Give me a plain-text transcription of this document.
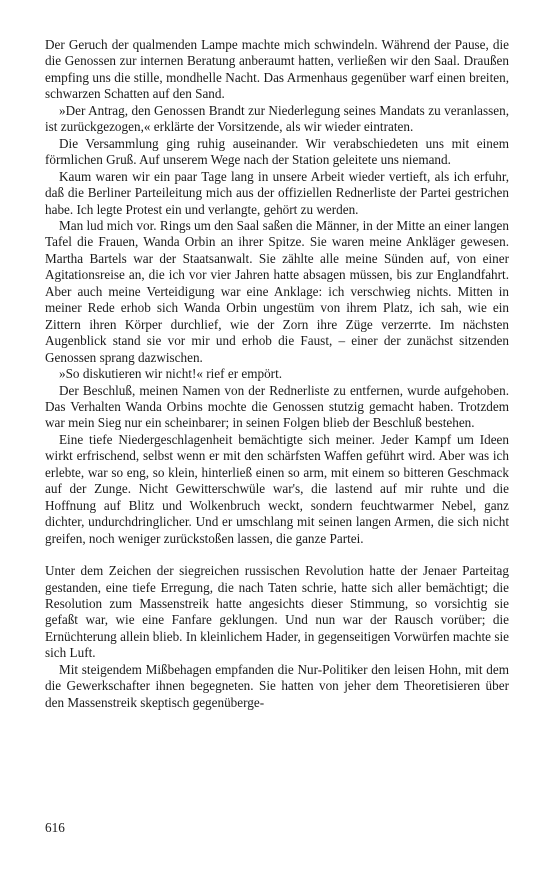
Der Geruch der qualmenden Lampe machte mich schwindeln. Während der Pause, die die Genossen zur internen Beratung anberaumt hatten, verließen wir den Saal. Draußen empfing uns die stille, mondhelle Nacht. Das Armenhaus gegenüber warf einen breiten, schwarzen Schatten auf den Sand.

»Der Antrag, den Genossen Brandt zur Niederlegung seines Mandats zu veranlassen, ist zurückgezogen,« erklärte der Vorsitzende, als wir wieder eintraten.

Die Versammlung ging ruhig auseinander. Wir verabschiedeten uns mit einem förmlichen Gruß. Auf unserem Wege nach der Station geleitete uns niemand.

Kaum waren wir ein paar Tage lang in unsere Arbeit wieder vertieft, als ich erfuhr, daß die Berliner Parteileitung mich aus der offiziellen Rednerliste der Partei gestrichen habe. Ich legte Protest ein und verlangte, gehört zu werden.

Man lud mich vor. Rings um den Saal saßen die Männer, in der Mitte an einer langen Tafel die Frauen, Wanda Orbin an ihrer Spitze. Sie waren meine Ankläger gewesen. Martha Bartels war der Staatsanwalt. Sie zählte alle meine Sünden auf, von einer Agitationsreise an, die ich vor vier Jahren hatte absagen müssen, bis zur Englandfahrt. Aber auch meine Verteidigung war eine Anklage: ich verschwieg nichts. Mitten in meiner Rede erhob sich Wanda Orbin ungestüm von ihrem Platz, ich sah, wie ein Zittern ihren Körper durchlief, wie der Zorn ihre Züge verzerrte. Im nächsten Augenblick stand sie vor mir und erhob die Faust, – einer der zunächst sitzenden Genossen sprang dazwischen.

»So diskutieren wir nicht!« rief er empört.

Der Beschluß, meinen Namen von der Rednerliste zu entfernen, wurde aufgehoben. Das Verhalten Wanda Orbins mochte die Genossen stutzig gemacht haben. Trotzdem war mein Sieg nur ein scheinbarer; in seinen Folgen blieb der Beschluß bestehen.

Eine tiefe Niedergeschlagenheit bemächtigte sich meiner. Jeder Kampf um Ideen wirkt erfrischend, selbst wenn er mit den schärfsten Waffen geführt wird. Aber was ich erlebte, war so eng, so klein, hinterließ einen so arm, mit einem so bitteren Geschmack auf der Zunge. Nicht Gewitterschwüle war's, die lastend auf mir ruhte und die Hoffnung auf Blitz und Wolkenbruch weckt, sondern feuchtwarmer Nebel, ganz dichter, undurchdringlicher. Und er umschlang mit seinen langen Armen, die sich nicht greifen, noch weniger zurückstoßen lassen, die ganze Partei.

Unter dem Zeichen der siegreichen russischen Revolution hatte der Jenaer Parteitag gestanden, eine tiefe Erregung, die nach Taten schrie, hatte sich aller bemächtigt; die Resolution zum Massenstreik hatte angesichts dieser Stimmung, so vorsichtig sie gefaßt war, wie eine Fanfare geklungen. Und nun war der Rausch vorüber; die Ernüchterung allein blieb. In kleinlichem Hader, in gegenseitigen Vorwürfen machte sie sich Luft.

Mit steigendem Mißbehagen empfanden die Nur-Politiker den leisen Hohn, mit dem die Gewerkschafter ihnen begegneten. Sie hatten von jeher dem Theoretisieren über den Massenstreik skeptisch gegenüberge-

616
